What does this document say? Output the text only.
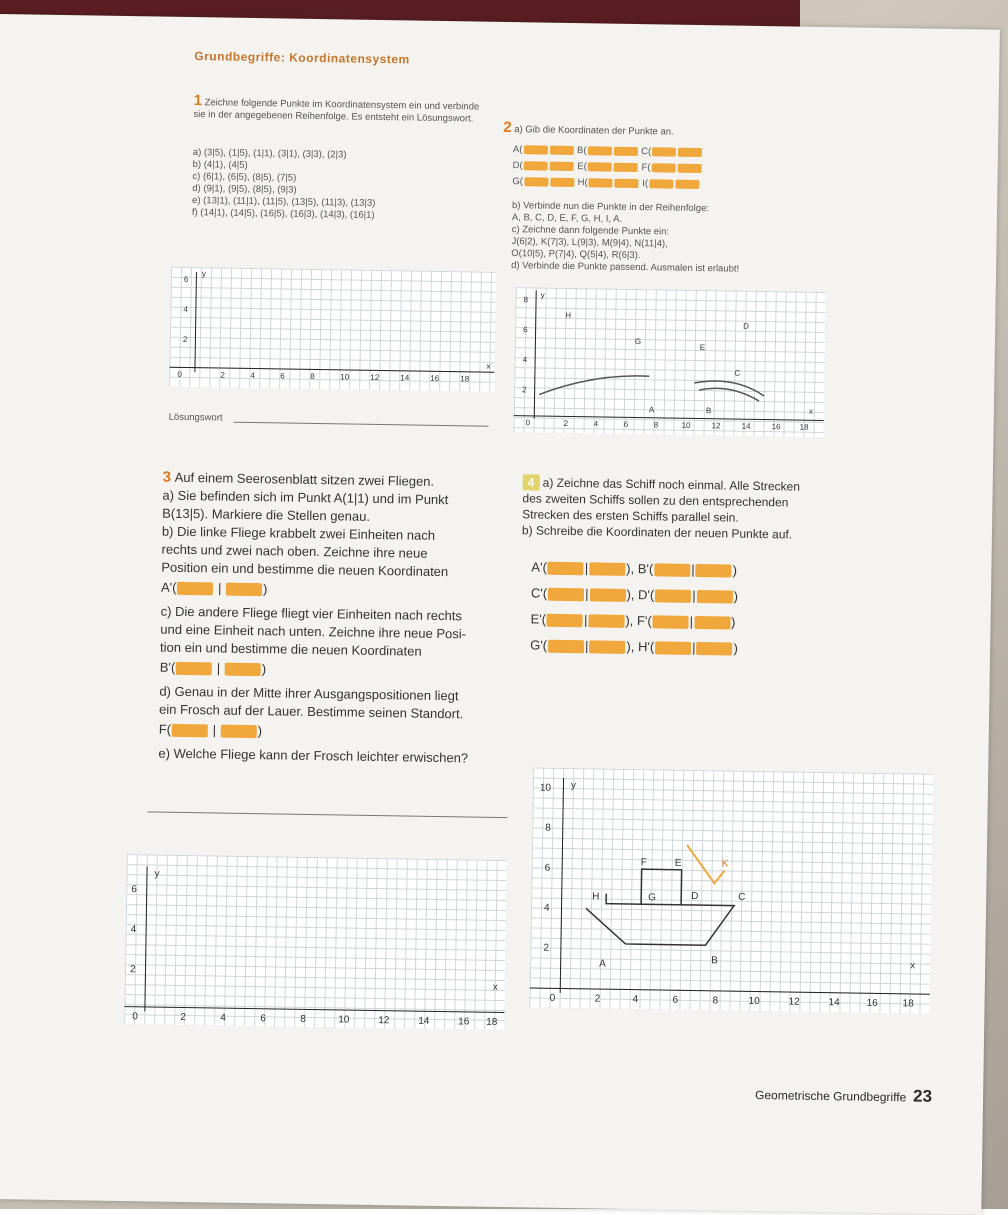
Grundbegriffe: Koordinatensystem
1 Zeichne folgende Punkte im Koordinatensystem ein und verbinde sie in der angegebenen Reihenfolge. Es entsteht ein Lösungswort.
a) (3|5), (1|5), (1|1), (3|1), (3|3), (2|3)
b) (4|1), (4|5)
c) (6|1), (6|5), (8|5), (7|5)
d) (9|1), (9|5), (8|5), (9|3)
e) (13|1), (11|1), (11|5), (13|5), (11|3), (13|3)
f) (14|1), (14|5), (16|5), (16|3), (14|3), (16|1)
0	2	4	6	8	10	12	14	16	18
2
4
6
x
y
Lösungswort
2 a) Gib die Koordinaten der Punkte an.
A(	B(	C(
D(	E(	F(
G(	H(	I(
b) Verbinde nun die Punkte in der Reihenfolge:
A, B, C, D, E, F, G, H, I, A.
c) Zeichne dann folgende Punkte ein:
J(6|2), K(7|3), L(9|3), M(9|4), N(11|4),
O(10|5), P(7|4), Q(5|4), R(6|3).
d) Verbinde die Punkte passend. Ausmalen ist erlaubt!
0	2	4	6	8	10	12	14	16 18
2
4
6
8
x
y
H
G
E
D
C
A	B
3 Auf einem Seerosenblatt sitzen zwei Fliegen.
a) Sie befinden sich im Punkt A(1|1) und im Punkt
B(13|5). Markiere die Stellen genau.
b) Die linke Fliege krabbelt zwei Einheiten nach
rechts und zwei nach oben. Zeichne ihre neue
Position ein und bestimme die neuen Koordinaten
A'(	|	)
c) Die andere Fliege fliegt vier Einheiten nach rechts
und eine Einheit nach unten. Zeichne ihre neue Posi-
tion ein und bestimme die neuen Koordinaten
B'(	|	)
d) Genau in der Mitte ihrer Ausgangspositionen liegt
ein Frosch auf der Lauer. Bestimme seinen Standort.
F(	|	)
e) Welche Fliege kann der Frosch leichter erwischen?
0	2	4	6	8	10	12	14	16 18
2
4
6
x
y
4 a) Zeichne das Schiff noch einmal. Alle Strecken
des zweiten Schiffs sollen zu den entsprechenden
Strecken des ersten Schiffs parallel sein.
b) Schreibe die Koordinaten der neuen Punkte auf.
A'(	|	), B'(	|	)
C'(	|	), D'(	|	)
E'(	|	), F'(	|	)
G'(	|	), H'(	|	)
0	2	4	6	8	10	12	14	16 18
2
4
6
8
10
x
y
A	B
C
D
E
F
G
H
K
Geometrische Grundbegriffe 23
